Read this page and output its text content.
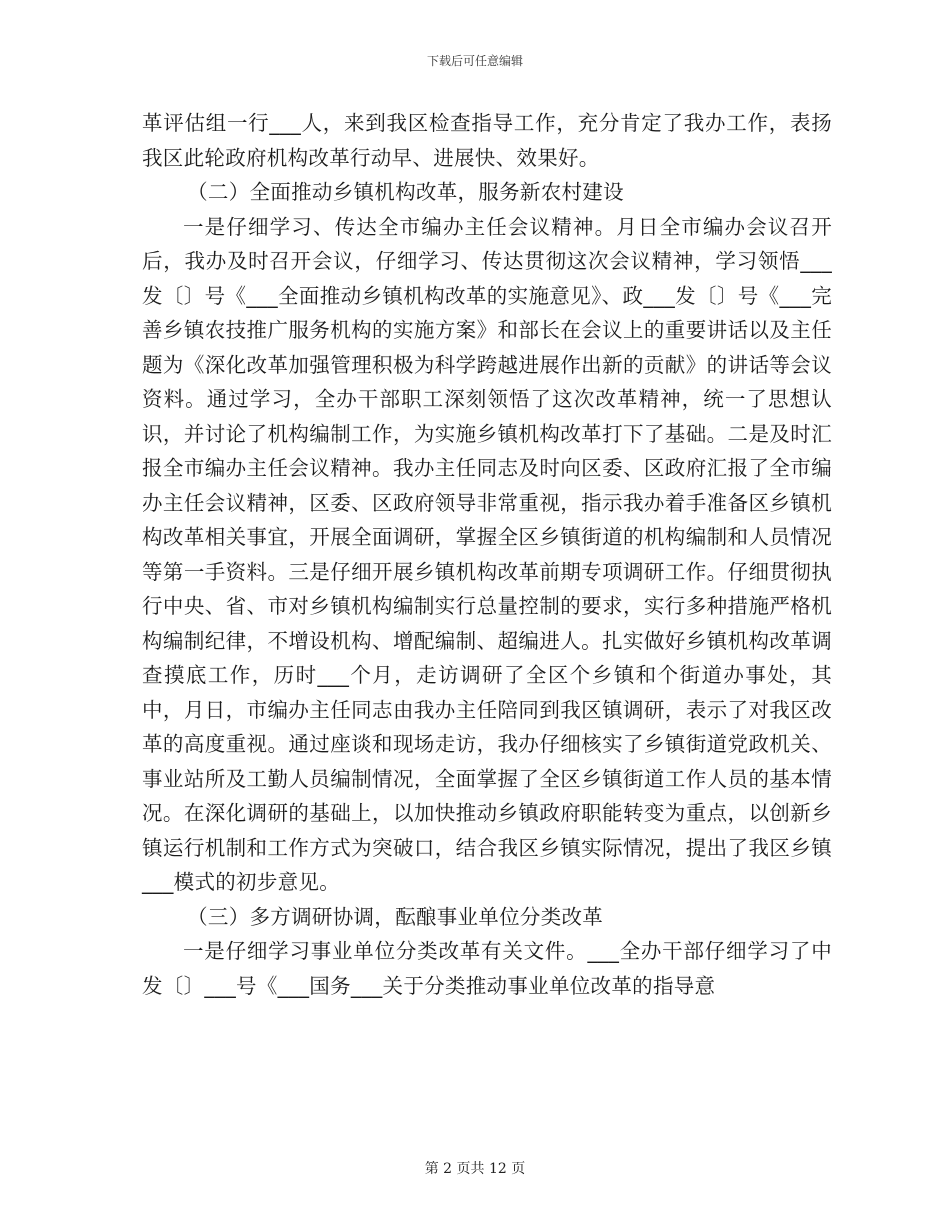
下载后可任意编辑

革评估组一行___人，来到我区检查指导工作，充分肯定了我办工作，表扬我区此轮政府机构改革行动早、进展快、效果好。

（二）全面推动乡镇机构改革，服务新农村建设

一是仔细学习、传达全市编办主任会议精神。月日全市编办会议召开后，我办及时召开会议，仔细学习、传达贯彻这次会议精神，学习领悟___发〔〕号《___全面推动乡镇机构改革的实施意见》、政___发〔〕号《___完善乡镇农技推广服务机构的实施方案》和部长在会议上的重要讲话以及主任题为《深化改革加强管理积极为科学跨越进展作出新的贡献》的讲话等会议资料。通过学习，全办干部职工深刻领悟了这次改革精神，统一了思想认识，并讨论了机构编制工作，为实施乡镇机构改革打下了基础。二是及时汇报全市编办主任会议精神。我办主任同志及时向区委、区政府汇报了全市编办主任会议精神，区委、区政府领导非常重视，指示我办着手准备区乡镇机构改革相关事宜，开展全面调研，掌握全区乡镇街道的机构编制和人员情况等第一手资料。三是仔细开展乡镇机构改革前期专项调研工作。仔细贯彻执行中央、省、市对乡镇机构编制实行总量控制的要求，实行多种措施严格机构编制纪律，不增设机构、增配编制、超编进人。扎实做好乡镇机构改革调查摸底工作，历时___个月，走访调研了全区个乡镇和个街道办事处，其中，月日，市编办主任同志由我办主任陪同到我区镇调研，表示了对我区改革的高度重视。通过座谈和现场走访，我办仔细核实了乡镇街道党政机关、事业站所及工勤人员编制情况，全面掌握了全区乡镇街道工作人员的基本情况。在深化调研的基础上，以加快推动乡镇政府职能转变为重点，以创新乡镇运行机制和工作方式为突破口，结合我区乡镇实际情况，提出了我区乡镇___模式的初步意见。

（三）多方调研协调，酝酿事业单位分类改革

一是仔细学习事业单位分类改革有关文件。___全办干部仔细学习了中发〔〕___号《___国务___关于分类推动事业单位改革的指导意

第 2 页共 12 页
